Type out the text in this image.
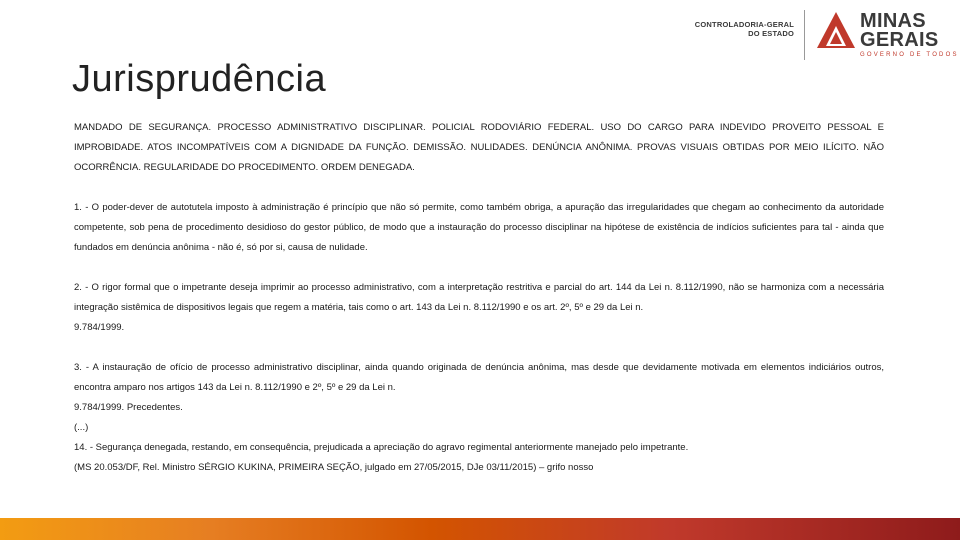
CONTROLADORIA-GERAL
DO ESTADO
MINAS
GERAIS
GOVERNO DE TODOS
Jurisprudência

MANDADO DE SEGURANÇA. PROCESSO ADMINISTRATIVO DISCIPLINAR. POLICIAL RODOVIÁRIO FEDERAL. USO DO CARGO PARA INDEVIDO PROVEITO PESSOAL E IMPROBIDADE. ATOS INCOMPATÍVEIS COM A DIGNIDADE DA FUNÇÃO. DEMISSÃO. NULIDADES. DENÚNCIA ANÔNIMA. PROVAS VISUAIS OBTIDAS POR MEIO ILÍCITO. NÃO OCORRÊNCIA. REGULARIDADE DO PROCEDIMENTO. ORDEM DENEGADA.

1. - O poder-dever de autotutela imposto à administração é princípio que não só permite, como também obriga, a apuração das irregularidades que chegam ao conhecimento da autoridade competente, sob pena de procedimento desidioso do gestor público, de modo que a instauração do processo disciplinar na hipótese de existência de indícios suficientes para tal - ainda que fundados em denúncia anônima - não é, só por si, causa de nulidade.

2. - O rigor formal que o impetrante deseja imprimir ao processo administrativo, com a interpretação restritiva e parcial do art. 144 da Lei n. 8.112/1990, não se harmoniza com a necessária integração sistêmica de dispositivos legais que regem a matéria, tais como o art. 143 da Lei n. 8.112/1990 e os art. 2º, 5º e 29 da Lei n.

9.784/1999.

3. - A instauração de ofício de processo administrativo disciplinar, ainda quando originada de denúncia anônima, mas desde que devidamente motivada em elementos indiciários outros, encontra amparo nos artigos 143 da Lei n. 8.112/1990 e 2º, 5º e 29 da Lei n.

9.784/1999. Precedentes.

(...)

14. - Segurança denegada, restando, em consequência, prejudicada a apreciação do agravo regimental anteriormente manejado pelo impetrante.

(MS 20.053/DF, Rel. Ministro SÉRGIO KUKINA, PRIMEIRA SEÇÃO, julgado em 27/05/2015, DJe 03/11/2015) – grifo nosso
